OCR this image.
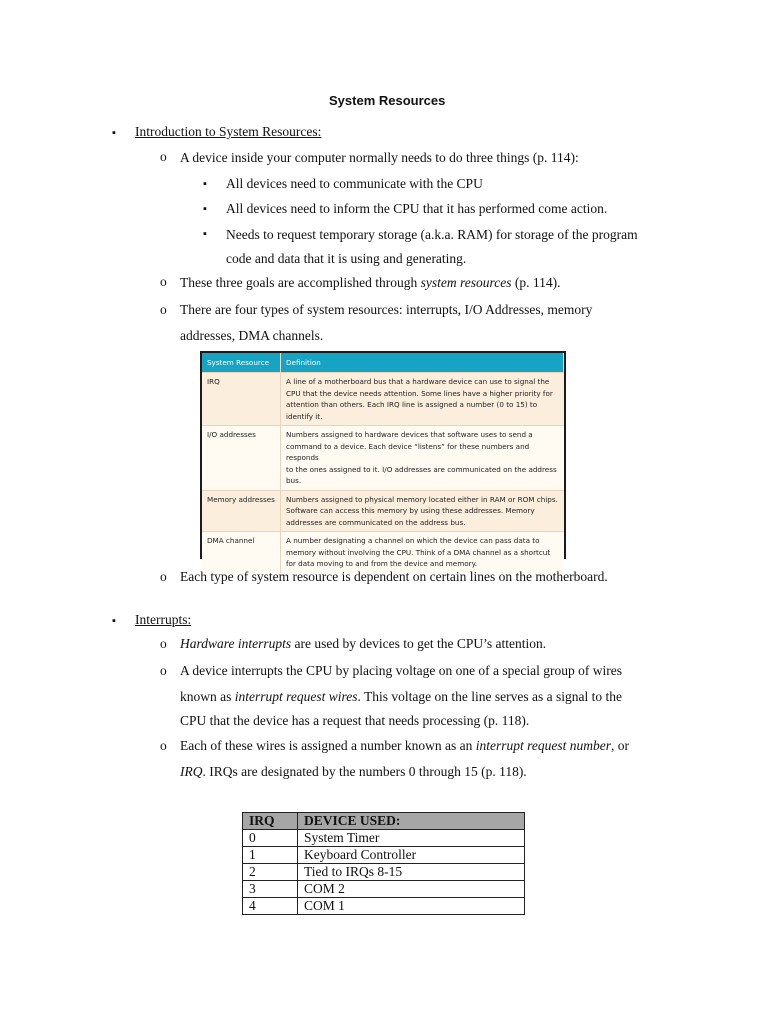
System Resources
▪ Introduction to System Resources:
o A device inside your computer normally needs to do three things (p. 114):
▪ All devices need to communicate with the CPU
▪ All devices need to inform the CPU that it has performed come action.
▪ Needs to request temporary storage (a.k.a. RAM) for storage of the program
code and data that it is using and generating.
o These three goals are accomplished through system resources (p. 114).
o There are four types of system resources: interrupts, I/O Addresses, memory
addresses, DMA channels.
System Resource	Definition
IRQ	A line of a motherboard bus that a hardware device can use to signal the
CPU that the device needs attention. Some lines have a higher priority for
attention than others. Each IRQ line is assigned a number (0 to 15) to
identify it.

I/O addresses	Numbers assigned to hardware devices that software uses to send a
command to a device. Each device “listens” for these numbers and responds
to the ones assigned to it. I/O addresses are communicated on the address
bus.

Memory addresses	Numbers assigned to physical memory located either in RAM or ROM chips.
Software can access this memory by using these addresses. Memory
addresses are communicated on the address bus.

DMA channel	A number designating a channel on which the device can pass data to
memory without involving the CPU. Think of a DMA channel as a shortcut
for data moving to and from the device and memory.
o Each type of system resource is dependent on certain lines on the motherboard.
▪ Interrupts:
o Hardware interrupts are used by devices to get the CPU’s attention.
o A device interrupts the CPU by placing voltage on one of a special group of wires
known as interrupt request wires. This voltage on the line serves as a signal to the
CPU that the device has a request that needs processing (p. 118).
o Each of these wires is assigned a number known as an interrupt request number, or
IRQ. IRQs are designated by the numbers 0 through 15 (p. 118).
IRQ	DEVICE USED:
0	System Timer
1	Keyboard Controller
2	Tied to IRQs 8-15
3	COM 2
4	COM 1
